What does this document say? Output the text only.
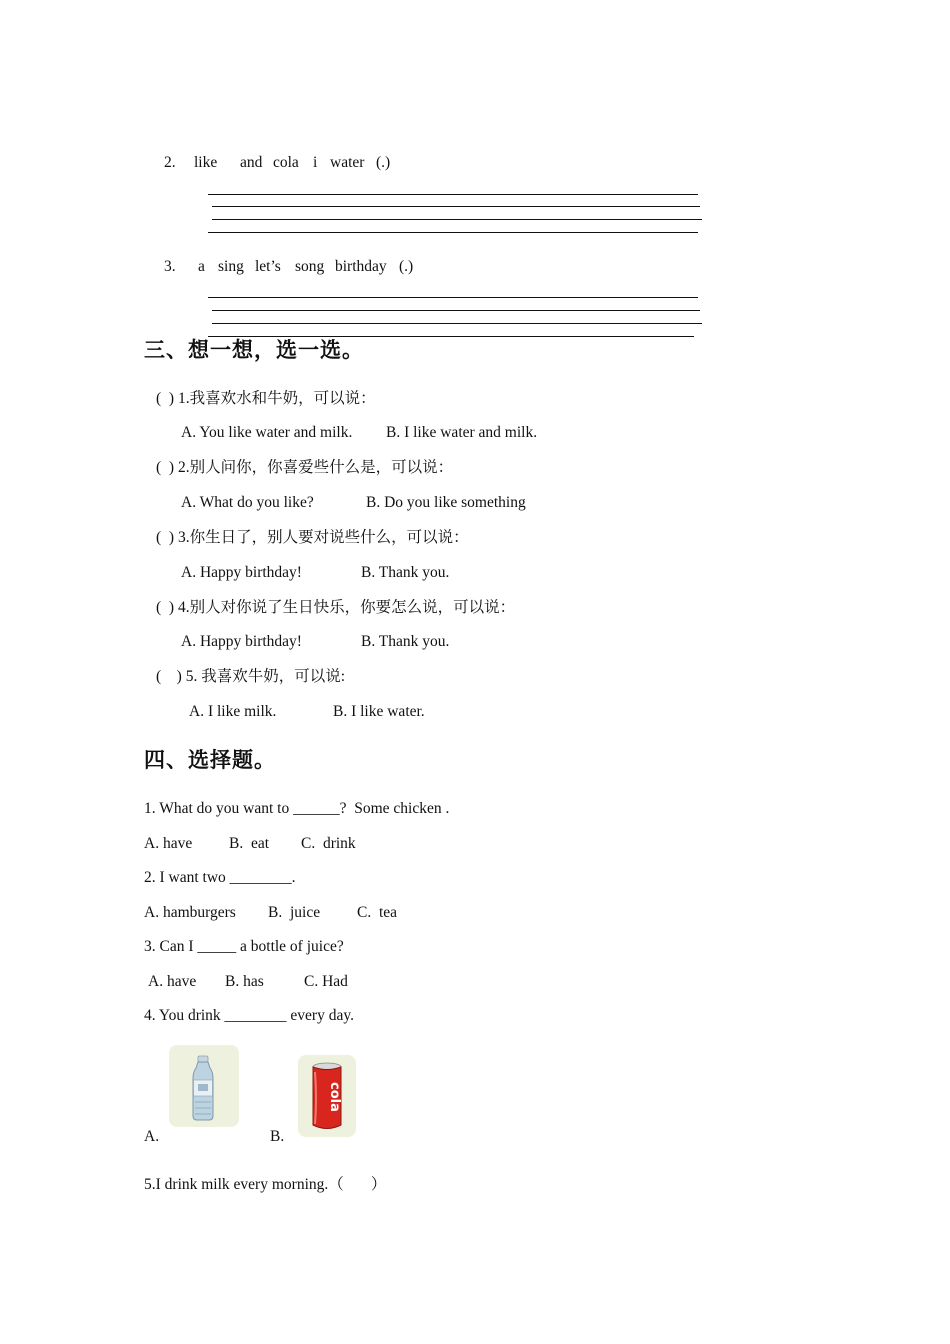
2. like and cola i water (.)
3. a sing let’s song birthday (.)
三、想一想，选一选。
(  ) 1.我喜欢水和牛奶，可以说：
A. You like water and milk. B. I like water and milk.
(  ) 2.别人问你，你喜爱些什么是，可以说：
A. What do you like?	B. Do you like something
(  ) 3.你生日了，别人要对说些什么，可以说：
A. Happy birthday!	B. Thank you.
(  ) 4.别人对你说了生日快乐，你要怎么说，可以说：
A. Happy birthday!	B. Thank you.
(    ) 5. 我喜欢牛奶，可以说:
A. I like milk.	B. I like water.
四、选择题。
1. What do you want to ______?  Some chicken .
A. have B.  eat C.  drink
2. I want two ________.
A. hamburgers B.  juice C.  tea
3. Can I _____ a bottle of juice?
A. have B. has	C. Had
4. You drink ________ every day.
A.
cola
B.
5.I drink milk every morning.（       ）
